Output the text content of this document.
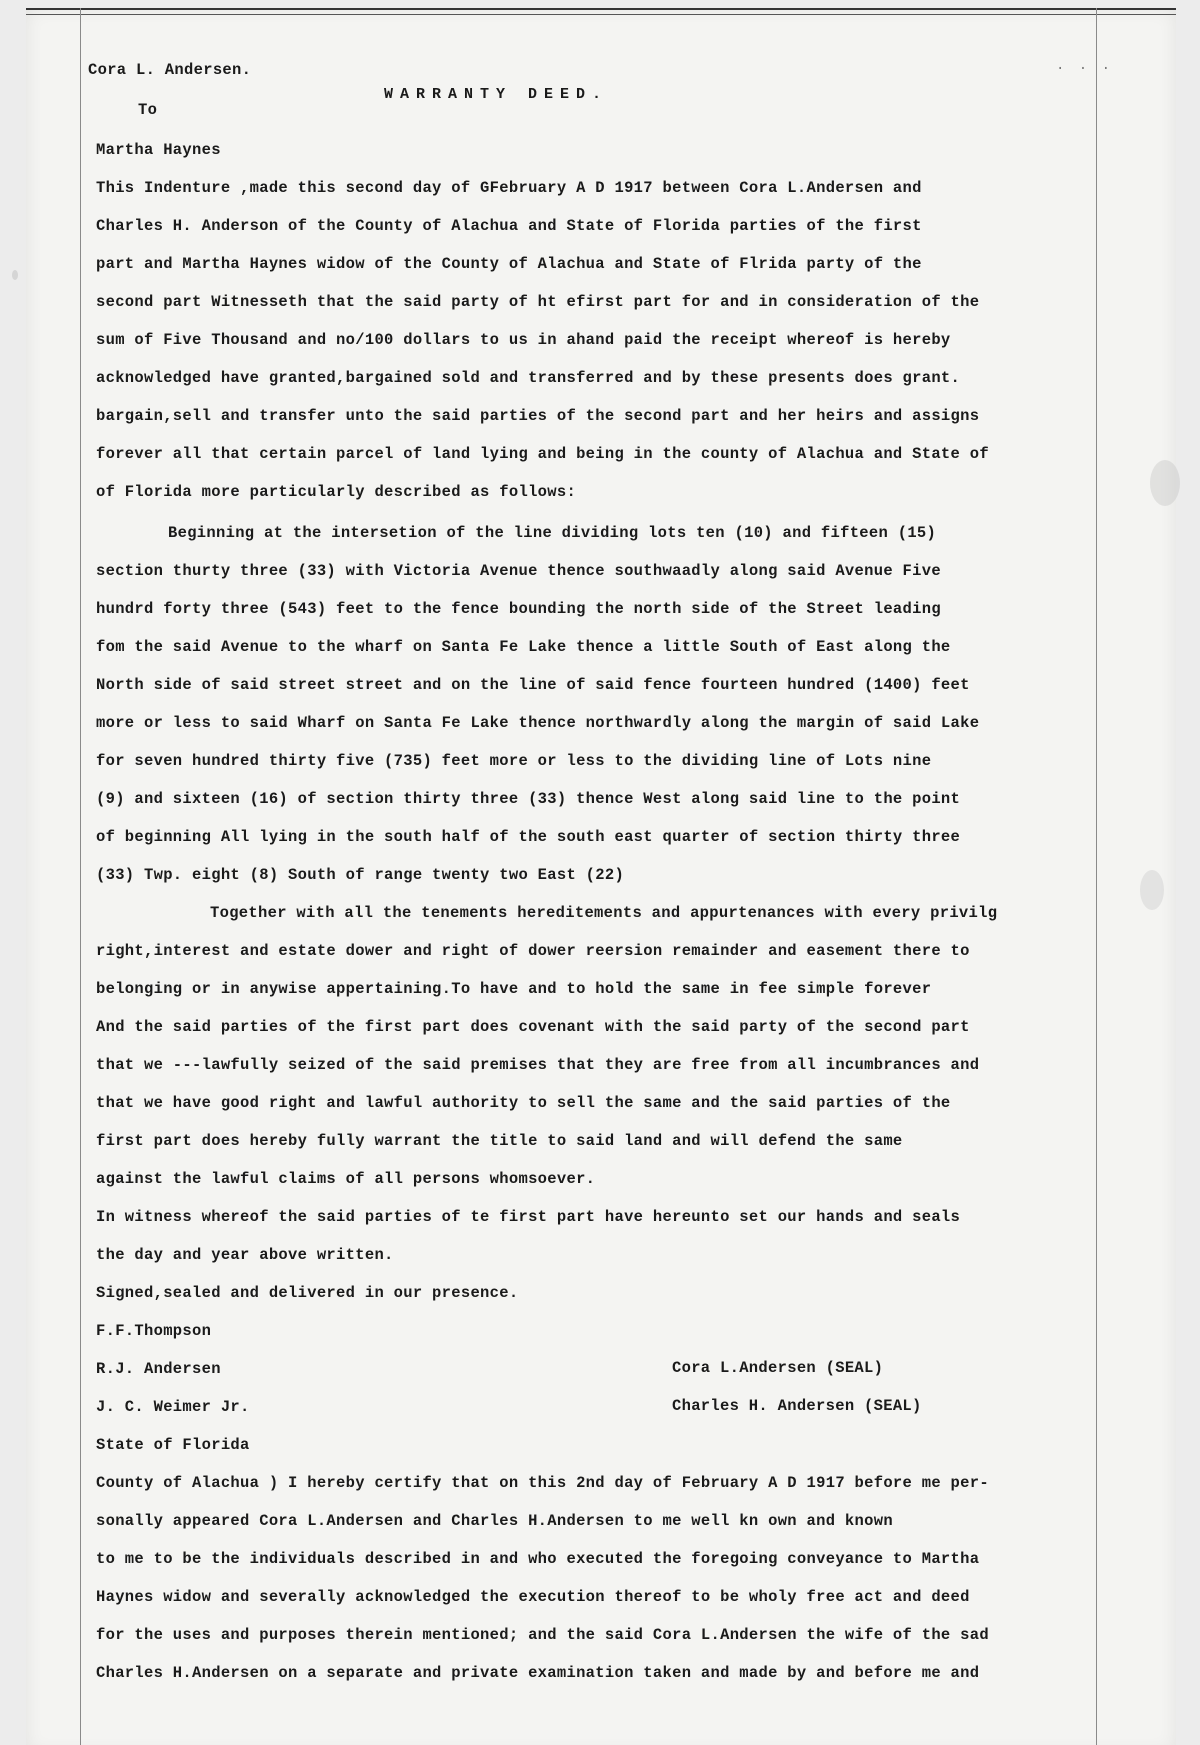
. . .
Cora L. Andersen.
WARRANTY DEED.
To
Martha Haynes
This Indenture ,made this second day of GFebruary A D 1917 between Cora L.Andersen and
Charles H. Anderson of the County of Alachua and State of Florida parties of the first
part and Martha Haynes widow of the County of Alachua and State of Flrida party of the
second part Witnesseth that the said party of ht efirst part for and in consideration of the
sum of Five Thousand and no/100 dollars to us in ahand paid the receipt whereof is hereby
acknowledged have granted,bargained sold and transferred and by these presents does grant.
bargain,sell and transfer unto the said parties of the second part and her heirs and assigns
forever all that certain parcel of land lying and being in the county of Alachua and State of
of Florida more particularly described as follows:
Beginning at the intersetion of the line dividing lots ten (10) and fifteen (15)
section thurty three (33) with Victoria Avenue thence southwaadly along said Avenue Five
hundrd forty three (543) feet to the fence bounding the north side of the Street leading
fom the said Avenue to the wharf on Santa Fe Lake thence a little South of East along the
North side of said street street and on the line of said fence fourteen hundred (1400) feet
more or less to said Wharf on Santa Fe Lake thence northwardly along the margin of said Lake
for seven hundred thirty five (735) feet more or less to the dividing line of Lots nine
(9) and sixteen (16) of section thirty three (33) thence West along said line to the point
of beginning All lying in the south half of the south east quarter of section thirty three
(33) Twp. eight (8) South of range twenty two East (22)
Together with all the tenements hereditements and appurtenances with every privilg
right,interest and estate dower and right of dower reersion remainder and easement there to
belonging or in anywise appertaining.To have and to hold the same in fee simple forever
And the said parties of the first part does covenant with the said party of the second part
that we ---lawfully seized of the said premises that they are free from all incumbrances and
that we have good right and lawful authority to sell the same and the said parties of the
first part does hereby fully warrant the title to said land and will defend the same
against the lawful claims of all persons whomsoever.
In witness whereof the said parties of te first part have hereunto set our hands and seals
the day and year above written.
Signed,sealed and delivered in our presence.
F.F.Thompson
R.J. Andersen	Cora L.Andersen (SEAL)
J. C. Weimer Jr.	Charles H. Andersen (SEAL)
State of Florida
County of Alachua ) I hereby certify that on this 2nd day of February A D 1917 before me per-
sonally appeared Cora L.Andersen and Charles H.Andersen to me well kn own and known
to me to be the individuals described in and who executed the foregoing conveyance to Martha
Haynes widow and severally acknowledged the execution thereof to be wholy free act and deed
for the uses and purposes therein mentioned; and the said Cora L.Andersen the wife of the sad
Charles H.Andersen on a separate and private examination taken and made by and before me and
